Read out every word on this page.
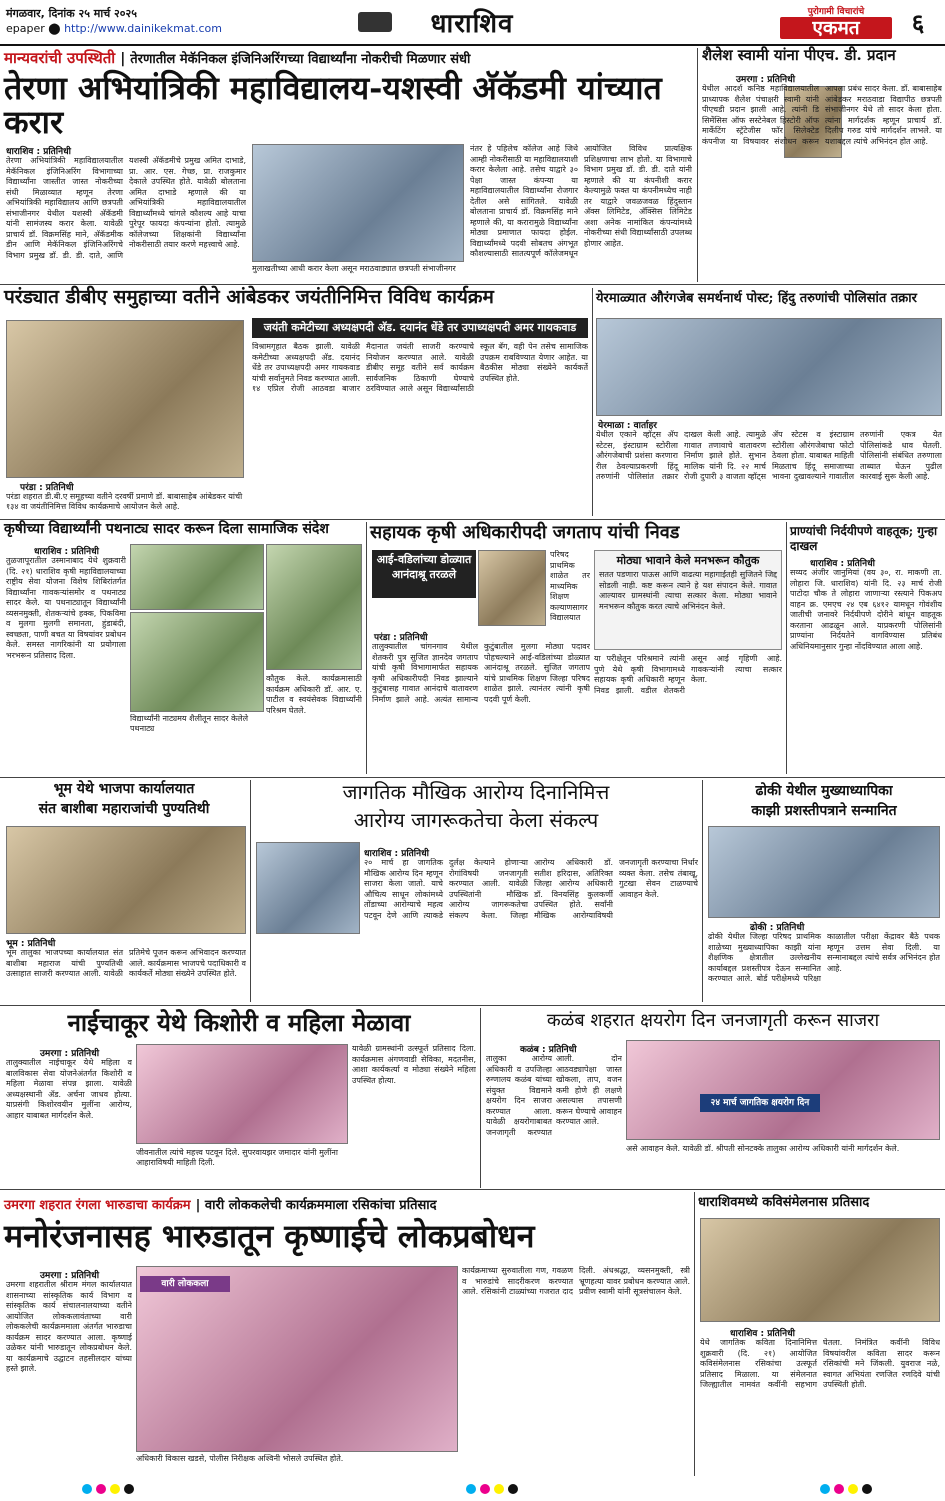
मंगळवार, दिनांक २५ मार्च २०२५
epaper ⬤ http://www.dainikekmat.com	धाराशिव	पुरोगामी विचारांचे
एकमत	६
मान्यवरांची उपस्थिती | तेरणातील मेकॅनिकल इंजिनिअरिंगच्या विद्यार्थ्यांना नोकरीची मिळणार संधी
तेरणा अभियांत्रिकी महाविद्यालय-यशस्वी अ‍ॅकॅडमी यांच्यात करार
धाराशिव : प्रतिनिधी
तेरणा अभियांत्रिकी महाविद्यालयातील मेकॅनिकल इंजिनिअरिंग विभागाच्या विद्यार्थ्यांना जास्तीत जास्त नोकरीच्या संधी मिळाव्यात म्हणून तेरणा अभियांत्रिकी महाविद्यालय आणि छत्रपती संभाजीनगर येथील यशस्वी अ‍ॅकॅडमी यांनी सामंजस्य करार केला. यावेळी प्राचार्य डॉ. विक्रमसिंह माने, अ‍ॅकॅडमीक डीन आणि मेकॅनिकल इंजिनिअरिंगचे विभाग प्रमुख डॉ. डी. डी. दाते, आणि यशस्वी अ‍ॅकॅडमीचे प्रमुख अमित दाभाडे, प्रा. आर. एस. गेच्छ, प्रा. राजकुमार देकाले उपस्थित होते. यावेळी बोलताना अमित दाभाडे म्हणाले की या अभियांत्रिकी महाविद्यालयातील विद्यार्थ्यांमध्ये चांगले कौशल्य आहे याचा पुरेपूर फायदा कंपन्यांना होतो. त्यामुळे कॉलेजच्या शिक्षकांनी विद्यार्थ्यांना नोकरीसाठी तयार करणे महत्त्वाचे आहे.
मुलाखतीच्या आधी करार केला असून मराठवाड्यात छत्रपती संभाजीनगर
नंतर हे पहिलेच कॉलेज आहे जिथे आम्ही नोकरीसाठी या महाविद्यालयाशी करार केलेला आहे. तसेच याद्वारे ३० पेक्षा जास्त कंपन्या या महाविद्यालयातील विद्यार्थ्यांना रोजगार देतील असे सांगितले. यावेळी बोलताना प्राचार्य डॉ. विक्रमसिंह माने म्हणाले की, या करारामुळे विद्यार्थ्यांना मोठ्या प्रमाणात फायदा होईल. विद्यार्थ्यांमध्ये पदवी सोबतच अंगभूत कौशल्यासाठी सातत्यपूर्ण कॉलेजमधून आयोजित विविध प्रात्यक्षिक प्रशिक्षणाचा लाभ होतो. या विभागाचे विभाग प्रमुख डॉ. डी. डी. दाते यांनी म्हणाले की या कंपनीशी करार केल्यामुळे फक्त या कंपनीमध्येच नाही तर याद्वारे जवळजवळ हिंदुस्तान अ‍ॅक्स लिमिटेड, अ‍ॅक्सिस लिमिटेड अशा अनेक नामांकित कंपन्यांमध्ये नोकरीच्या संधी विद्यार्थ्यांसाठी उपलब्ध होणार आहेत.
शैलेश स्वामी यांना पीएच. डी. प्रदान
उमरगा : प्रतिनिधी
येथील आदर्श कनिष्ठ महाविद्यालयातील प्राध्यापक शैलेश पंचाक्षरी स्वामी यांनी पीएचडी प्रदान झाली आहे. त्यांनी डि सिमेंसिस ऑफ सस्टेनेबल हिस्टोरी ऑफ मार्केटिंग स्ट्रॅटेजीस फॉर सिलेक्टेड कंपनीज या विषयावर संशोधन करून आपला प्रबंध सादर केला. डॉ. बाबासाहेब आंबेडकर मराठवाडा विद्यापीठ छत्रपती संभाजीनगर येथे तो सादर केला होता. त्यांना मार्गदर्शक म्हणून प्राचार्य डॉ. दिलीप गरुड यांचे मार्गदर्शन लाभले. या यशाबद्दल त्यांचे अभिनंदन होत आहे.
परंड्यात डीबीए समुहाच्या वतीने आंबेडकर जयंतीनिमित्त विविध कार्यक्रम
जयंती कमेटीच्या अध्यक्षपदी अ‍ॅड. दयानंद धेंडे तर उपाध्यक्षपदी अमर गायकवाड
परंडा : प्रतिनिधी
परंडा शहरात डी.बी.ए समूहच्या वतीने दरवर्षी प्रमाणे डॉ. बाबासाहेब आंबेडकर यांची १३४ वा जयंतीनिमित्त विविध कार्यक्रमाचे आयोजन केले आहे.
विश्रामगृहात बैठक झाली. यावेळी कमेटीच्या अध्यक्षपदी अ‍ॅड. दयानंद धेंडे तर उपाध्यक्षपदी अमर गायकवाड यांची सर्वानुमते निवड करण्यात आली. १४ एप्रिल रोजी आठवडा बाजार मैदानात जयंती साजरी करण्याचे नियोजन करण्यात आले. यावेळी डीबीए समूह वतीने सर्व कार्यक्रम सार्वजनिक ठिकाणी घेण्याचे ठरविण्यात आले असून विद्यार्थ्यांसाठी स्कूल बॅग, वही पेन तसेच सामाजिक उपक्रम राबविण्यात येणार आहेत. या बैठकीस मोठ्या संख्येने कार्यकर्ते उपस्थित होते.
येरमाळ्यात औरंगजेब समर्थनार्थ पोस्ट; हिंदु तरुणांची पोलिसांत तक्रार
येरमाळा : वार्ताहर
येथील एकाने व्हॉट्स ॲप स्टेटस, इंस्टाग्राम स्टोरीला औरंगजेबाची प्रशंसा करणारा रील ठेवल्याप्रकरणी हिंदू तरुणांनी पोलिसांत तक्रार दाखल केली आहे. त्यामुळे गावात तणावाचे वातावरण निर्माण झाले होते. सुभान मालिक यांनी दि. २२ मार्च रोजी दुपारी ३ वाजता व्हॉट्स ॲप स्टेटस व इंस्टाग्राम स्टोरीला औरंगजेबाचा फोटो ठेवला होता. याबाबत माहिती मिळताच हिंदू समाजाच्या भावना दुखावल्याने गावातील तरुणांनी एकत्र येत पोलिसांकडे धाव घेतली. पोलिसांनी संबंधित तरुणाला ताब्यात घेऊन पुढील कारवाई सुरू केली आहे.
कृषीच्या विद्यार्थ्यांनी पथनाट्य सादर करून दिला सामाजिक संदेश
धाराशिव : प्रतिनिधी
तुळजापूरातील उस्मानाबाद येथे शुक्रवारी (दि. २१) धाराशिव कृषी महाविद्यालयाच्या राष्ट्रीय सेवा योजना विशेष शिबिरांतर्गत विद्यार्थ्यांना गावकऱ्यांसमोर व पथनाट्य सादर केले. या पथनाट्यातून विद्यार्थ्यांनी व्यसनमुक्ती, शेतकऱ्यांचे हक्क, पिकविमा व मुलगा मुलगी समानता, हुंडाबंदी, स्वच्छता, पाणी बचत या विषयांवर प्रबोधन केले. समस्त नागरिकांनी या प्रयोगाला भरभरून प्रतिसाद दिला.
विद्यार्थ्यांनी नाट्यमय शैलीतून सादर केलेले पथनाट्य
कौतुक केले. कार्यक्रमासाठी कार्यक्रम अधिकारी डॉ. आर. ए. पाटील व स्वयंसेवक विद्यार्थ्यांनी परिश्रम घेतले.
सहायक कृषी अधिकारीपदी जगताप यांची निवड
आई-वडिलांच्या डोळ्यात आनंदाश्रू तरळले
परिषद प्राथमिक शाळेत तर माध्यमिक शिक्षण कल्याणसागर विद्यालयात
परंडा : प्रतिनिधी
तालुक्यातील चांगनगाव येथील शेतकरी पुत्र सुजित ज्ञानदेव जगताप यांची कृषी विभागामार्फत सहायक कृषी अधिकारीपदी निवड झाल्याने कुटुंबासह गावात आनंदाचे वातावरण निर्माण झाले आहे. अत्यंत सामान्य कुटुंबातील मुलगा मोठ्या पदावर पोहचल्याने आई-वडिलांच्या डोळ्यात आनंदाश्रू तरळले. सुजित जगताप यांचे प्राथमिक शिक्षण जिल्हा परिषद शाळेत झाले. त्यानंतर त्यांनी कृषी पदवी पूर्ण केली.
मोठ्या भावाने केले मनभरून कौतुक
सतत पडणारा पाऊस आणि वाढत्या महागाईतही सुजितने जिद्द सोडली नाही. कष्ट करून त्याने हे यश संपादन केले. गावात आल्यावर ग्रामस्थांनी त्याचा सत्कार केला. मोठ्या भावाने मनभरून कौतुक करत त्याचे अभिनंदन केले.
या परीक्षेतून परिश्रमाने त्यांनी पुणे येथे कृषी विभागामध्ये सहायक कृषी अधिकारी म्हणून निवड झाली. वडील शेतकरी असून आई गृहिणी आहे. गावकऱ्यांनी त्याचा सत्कार केला.
प्राण्यांची निर्दयीपणे वाहतूक; गुन्हा दाखल
धाराशिव : प्रतिनिधी
सय्यद अंजीर जानुमियां (वय ३०, रा. माकणी ता. लोहारा जि. धाराशिव) यांनी दि. २३ मार्च रोजी पाटोदा चौक ते लोहारा जाणाऱ्या रस्त्याने पिकअप वाहन क्र. एमएच २४ एब ६४१२ यामधून गोवंशीय जातीची जनावरे निर्दयीपणे दोरीने बांधून वाहतूक करताना आढळून आले. याप्रकरणी पोलिसांनी प्राण्यांना निर्दयतेने वागविण्यास प्रतिबंध अधिनियमानुसार गुन्हा नोंदविण्यात आला आहे.
भूम येथे भाजपा कार्यालयात
संत बाशीबा महाराजांची पुण्यतिथी
भूम : प्रतिनिधी
भूम तालुका भाजपच्या कार्यालयात संत बाशीबा महाराज यांची पुण्यतिथी उत्साहात साजरी करण्यात आली. यावेळी प्रतिमेचे पूजन करून अभिवादन करण्यात आले. कार्यक्रमास भाजपचे पदाधिकारी व कार्यकर्ते मोठ्या संख्येने उपस्थित होते.
जागतिक मौखिक आरोग्य दिनानिमित्त
आरोग्य जागरूकतेचा केला संकल्प
धाराशिव : प्रतिनिधी
२० मार्च हा जागतिक मौखिक आरोग्य दिन म्हणून साजरा केला जातो. याचे औचित्य साधून लोकांमध्ये तोंडाच्या आरोग्याचे महत्व पटवून देणे आणि त्याकडे दुर्लक्ष केल्याने होणाऱ्या रोगांविषयी जनजागृती करण्यात आली. यावेळी उपस्थितांनी मौखिक आरोग्य जागरूकतेचा संकल्प केला. जिल्हा आरोग्य अधिकारी डॉ. सतीश हरिदास, अतिरिक्त जिल्हा आरोग्य अधिकारी डॉ. विनयसिंह कुलकर्णी उपस्थित होते. सर्वांनी मौखिक आरोग्याविषयी जनजागृती करण्याचा निर्धार व्यक्त केला. तसेच तंबाखू, गुटखा सेवन टाळण्याचे आवाहन केले.
ढोकी येथील मुख्याध्यापिका
काझी प्रशस्तीपत्राने सन्मानित
ढोकी : प्रतिनिधी
ढोकी येथील जिल्हा परिषद प्राथमिक शाळेच्या मुख्याध्यापिका काझी यांना शैक्षणिक क्षेत्रातील उल्लेखनीय कार्याबद्दल प्रशस्तीपत्र देऊन सन्मानित करण्यात आले. बोर्ड परीक्षेमध्ये परिक्षा काळातील परीक्षा केंद्रावर बैठे पथक म्हणून उत्तम सेवा दिली. या सन्मानाबद्दल त्यांचे सर्वत्र अभिनंदन होत आहे.
नाईचाकूर येथे किशोरी व महिला मेळावा
उमरगा : प्रतिनिधी
तालुक्यातील नाईचाकूर येथे महिला व बालविकास सेवा योजनेअंतर्गत किशोरी व महिला मेळावा संपन्न झाला. यावेळी अध्यक्षस्थानी ॲड. अर्चना जाधव होत्या. याप्रसंगी किशोरवयीन मुलींना आरोग्य, आहार याबाबत मार्गदर्शन केले.
जीवनातील त्यांचे महत्त्व पटवून दिले. सुपरवायझर जमादार यांनी मुलींना आहाराविषयी माहिती दिली.
यावेळी ग्रामस्थांनी उत्स्फूर्त प्रतिसाद दिला. कार्यक्रमास अंगणवाडी सेविका, मदतनीस, आशा कार्यकर्त्या व मोठ्या संख्येने महिला उपस्थित होत्या.
कळंब शहरात क्षयरोग दिन जनजागृती करून साजरा
कळंब : प्रतिनिधी
तालुका आरोग्य अधिकारी व उपजिल्हा रुग्णालय कळंब यांच्या संयुक्त विद्यमाने क्षयरोग दिन साजरा करण्यात आला. यावेळी क्षयरोगाबाबत जनजागृती करण्यात आली. दोन आठवड्यापेक्षा जास्त खोकला, ताप, वजन कमी होणे ही लक्षणे असल्यास तपासणी करून घेण्याचे आवाहन करण्यात आले.
२४ मार्च जागतिक क्षयरोग दिन
असे आवाहन केले. यावेळी डॉ. श्रीपती सोनटक्के तालुका आरोग्य अधिकारी यांनी मार्गदर्शन केले.
उमरगा शहरात रंगला भारुडाचा कार्यक्रम | वारी लोककलेची कार्यक्रममाला रसिकांचा प्रतिसाद
मनोरंजनासह भारुडातून कृष्णाईचे लोकप्रबोधन
उमरगा : प्रतिनिधी
उमरगा शहरातील श्रीराम मंगल कार्यालयात शासनाच्या सांस्कृतिक कार्य विभाग व सांस्कृतिक कार्य संचालनालयाच्या वतीने आयोजित लोककलावंताच्या वारी लोककलेची कार्यक्रममाला अंतर्गत भारुडाचा कार्यक्रम सादर करण्यात आला. कृष्णाई उळेकर यांनी भारुडातून लोकप्रबोधन केले. या कार्यक्रमाचे उद्घाटन तहसीलदार यांच्या हस्ते झाले.
वारी लोककला
अधिकारी विकास खडसे, पोलीस निरीक्षक अश्विनी भोसले उपस्थित होते.
कार्यक्रमाच्या सुरुवातीला गण, गवळण व भारुडांचे सादरीकरण करण्यात आले. रसिकांनी टाळ्यांच्या गजरात दाद दिली. अंधश्रद्धा, व्यसनमुक्ती, स्त्री भ्रूणहत्या यावर प्रबोधन करण्यात आले. प्रवीण स्वामी यांनी सूत्रसंचालन केले.
धाराशिवमध्ये कविसंमेलनास प्रतिसाद
धाराशिव : प्रतिनिधी
येथे जागतिक कविता दिनानिमित्त शुक्रवारी (दि. २१) आयोजित कविसंमेलनास रसिकांचा उत्स्फूर्त प्रतिसाद मिळाला. या संमेलनात जिल्ह्यातील नामवंत कवींनी सहभाग घेतला. निमंत्रित कवींनी विविध विषयांवरील कविता सादर करून रसिकांची मने जिंकली. युवराज नळे, स्वागत अभियंता रणजित रणदिवे यांची उपस्थिती होती.
